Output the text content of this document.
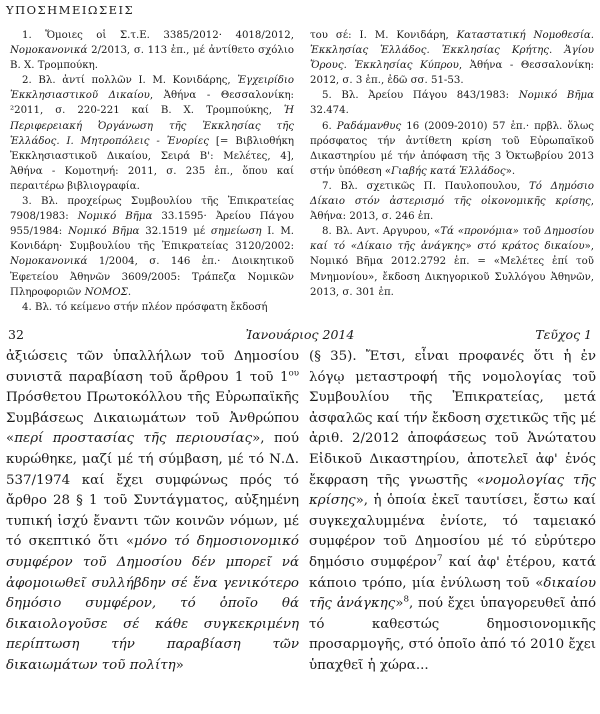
ΥΠΟΣΗΜΕΙΩΣΕΙΣ

1. Ὅμοιες οἱ Σ.τ.Ε. 3385/2012· 4018/2012, Νομοκανονικά 2/2013, σ. 113 ἑπ., μέ ἀντίθετο σχόλιο Β. Χ. Τρομπούκη.

2. Βλ. ἀντί πολλῶν Ι. Μ. Κονιδάρης, Ἐγχειρίδιο Ἐκκλησιαστικοῦ Δικαίου, Ἀθήνα - Θεσσαλονίκη: ²2011, σ. 220-221 καί Β. Χ. Τρομπούκης, Ἡ Περιφερειακή Ὀργάνωση τῆς Ἐκκλησίας τῆς Ἑλλάδος. Ι. Μητροπόλεις - Ἐνορίες [= Βιβλιοθήκη Ἐκκλησιαστικοῦ Δικαίου, Σειρά Β': Μελέτες, 4], Ἀθήνα - Κομοτηνή: 2011, σ. 235 ἑπ., ὅπου καί περαιτέρω βιβλιογραφία.

3. Βλ. προχείρως Συμβουλίου τῆς Ἐπικρατείας 7908/1983: Νομικό Βῆμα 33.1595· Ἀρείου Πάγου 955/1984: Νομικό Βῆμα 32.1519 μέ σημείωση Ι. Μ. Κονιδάρη· Συμβουλίου τῆς Ἐπικρατείας 3120/2002: Νομοκανονικά 1/2004, σ. 146 ἑπ.· Διοικητικοῦ Ἐφετείου Ἀθηνῶν 3609/2005: Τράπεζα Νομικῶν Πληροφοριῶν ΝΟΜΟΣ.

4. Βλ. τό κείμενο στήν πλέον πρόσφατη ἔκδοσή

του σέ: Ι. Μ. Κονιδάρη, Καταστατική Νομοθεσία. Ἐκκλησίας Ἑλλάδος. Ἐκκλησίας Κρήτης. Ἁγίου Ὄρους. Ἐκκλησίας Κύπρου, Ἀθήνα - Θεσσαλονίκη: 2012, σ. 3 ἑπ., ἐδῶ σσ. 51-53.

5. Βλ. Ἀρείου Πάγου 843/1983: Νομικό Βῆμα 32.474.

6. Ραδάμανθυς 16 (2009-2010) 57 ἑπ.· πρβλ. ὅλως πρόσφατος τήν ἀντίθετη κρίση τοῦ Εὐρωπαϊκοῦ Δικαστηρίου μέ τήν ἀπόφαση τῆς 3 Ὀκτωβρίου 2013 στήν ὑπόθεση «Γιαβής κατά Ἑλλάδος».

7. Βλ. σχετικῶς Π. Παυλοπουλου, Τό Δημόσιο Δίκαιο στόν ἀστερισμό τῆς οἰκονομικῆς κρίσης, Ἀθήνα: 2013, σ. 246 ἑπ.

8. Βλ. Αντ. Αργυρου, «Τά «προνόμια» τοῦ Δημοσίου καί τό «Δίκαιο τῆς ἀνάγκης» στό κράτος δικαίου», Νομικό Βῆμα 2012.2792 ἑπ. = «Μελέτες ἐπί τοῦ Μνημονίου», ἔκδοση Δικηγορικοῦ Συλλόγου Ἀθηνῶν, 2013, σ. 301 ἑπ.

32	Ἰανουάριος 2014	Τεῦχος 1

ἀξιώσεις τῶν ὑπαλλήλων τοῦ Δημοσίου συνιστᾶ παραβίαση τοῦ ἄρθρου 1 τοῦ $1^{o\upsilon}$ Πρόσθετου Πρωτοκόλλου τῆς Εὐρωπαϊκῆς Συμβάσεως Δικαιωμάτων τοῦ Ἀνθρώπου «περί προστασίας τῆς περιουσίας», πού κυρώθηκε, μαζί μέ τή σύμβαση, μέ τό Ν.Δ. 537/1974 καί ἔχει συμφώνως πρός τό ἄρθρο 28 § 1 τοῦ Συντάγματος, αὐξημένη τυπική ἰσχύ ἔναντι τῶν κοινῶν νόμων, μέ τό σκεπτικό ὅτι «μόνο τό δημοσιονομικό συμφέρον τοῦ Δημοσίου δέν μπορεῖ νά ἀφομοιωθεῖ συλλήβδην σέ ἕνα γενικότερο δημόσιο συμφέρον, τό ὁποῖο θά δικαιολογοῦσε σέ κάθε συγκεκριμένη περίπτωση τήν παραβίαση τῶν δικαιωμάτων τοῦ πολίτη»

(§ 35). Ἔτσι, εἶναι προφανές ὅτι ἡ ἐν λόγῳ μεταστροφή τῆς νομολογίας τοῦ Συμβουλίου τῆς Ἐπικρατείας, μετά ἀσφαλῶς καί τήν ἔκδοση σχετικῶς τῆς μέ ἀριθ. 2/2012 ἀποφάσεως τοῦ Ἀνώτατου Εἰδικοῦ Δικαστηρίου, ἀποτελεῖ ἀφ' ἑνός ἔκφραση τῆς γνωστῆς «νομολογίας τῆς κρίσης», ἡ ὁποία ἐκεῖ ταυτίσει, ἔστω καί συγκεχαλυμμένα ἐνίοτε, τό ταμειακό συμφέρον τοῦ Δημοσίου μέ τό εὐρύτερο δημόσιο συμφέρον$^7$ καί ἀφ' ἑτέρου, κατά κάποιο τρόπο, μία ἐνύλωση τοῦ «δικαίου τῆς ἀνάγκης»$^8$, πού ἔχει ὑπαγορευθεῖ ἀπό τό καθεστώς δημοσιονομικῆς προσαρμογῆς, στό ὁποῖο ἀπό τό 2010 ἔχει ὑπαχθεῖ ἡ χώρα...
